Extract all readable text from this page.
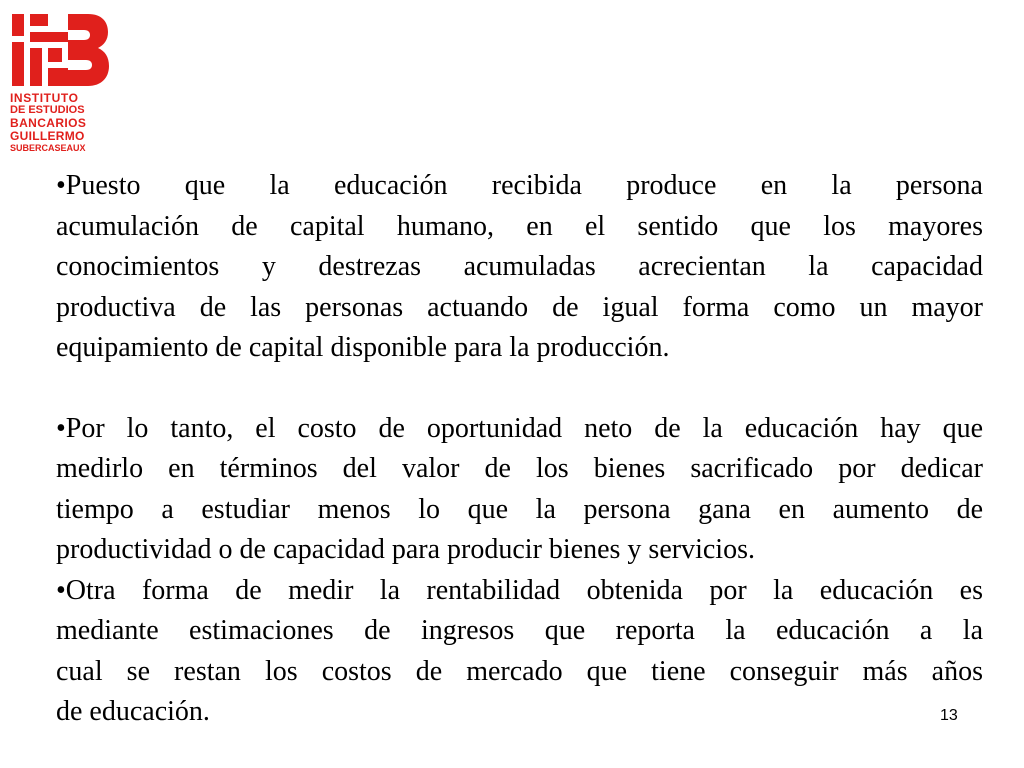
INSTITUTO
DE ESTUDIOS
BANCARIOS
GUILLERMO
SUBERCASEAUX
•Puesto que la educación recibida produce en la persona
acumulación de capital humano, en el sentido que los mayores
conocimientos y destrezas acumuladas acrecientan la capacidad
productiva de las personas actuando de igual forma como un mayor
equipamiento de capital disponible para la producción.
•Por lo tanto, el costo de oportunidad neto de la educación hay que
medirlo en términos del valor de los bienes sacrificado por dedicar
tiempo a estudiar menos lo que la persona gana en aumento de
productividad o de capacidad para producir bienes y servicios.
•Otra forma de medir la rentabilidad obtenida por la educación es
mediante estimaciones de ingresos que reporta la educación a la
cual se restan los costos de mercado que tiene conseguir más años
de educación.	13
